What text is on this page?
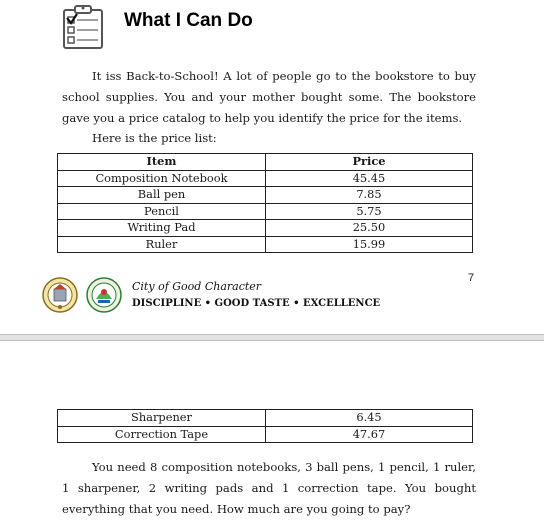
What I Can Do

It iss Back-to-School! A lot of people go to the bookstore to buy school supplies. You and your mother bought some. The bookstore gave you a price catalog to help you identify the price for the items.

Here is the price list:

Item	Price
Composition Notebook	45.45
Ball pen	7.85
Pencil	5.75
Writing Pad	25.50
Ruler	15.99
7
City of Good Character
DISCIPLINE • GOOD TASTE • EXCELLENCE
Sharpener	6.45
Correction Tape	47.67

You need 8 composition notebooks, 3 ball pens, 1 pencil, 1 ruler, 1 sharpener, 2 writing pads and 1 correction tape. You bought everything that you need. How much are you going to pay?
